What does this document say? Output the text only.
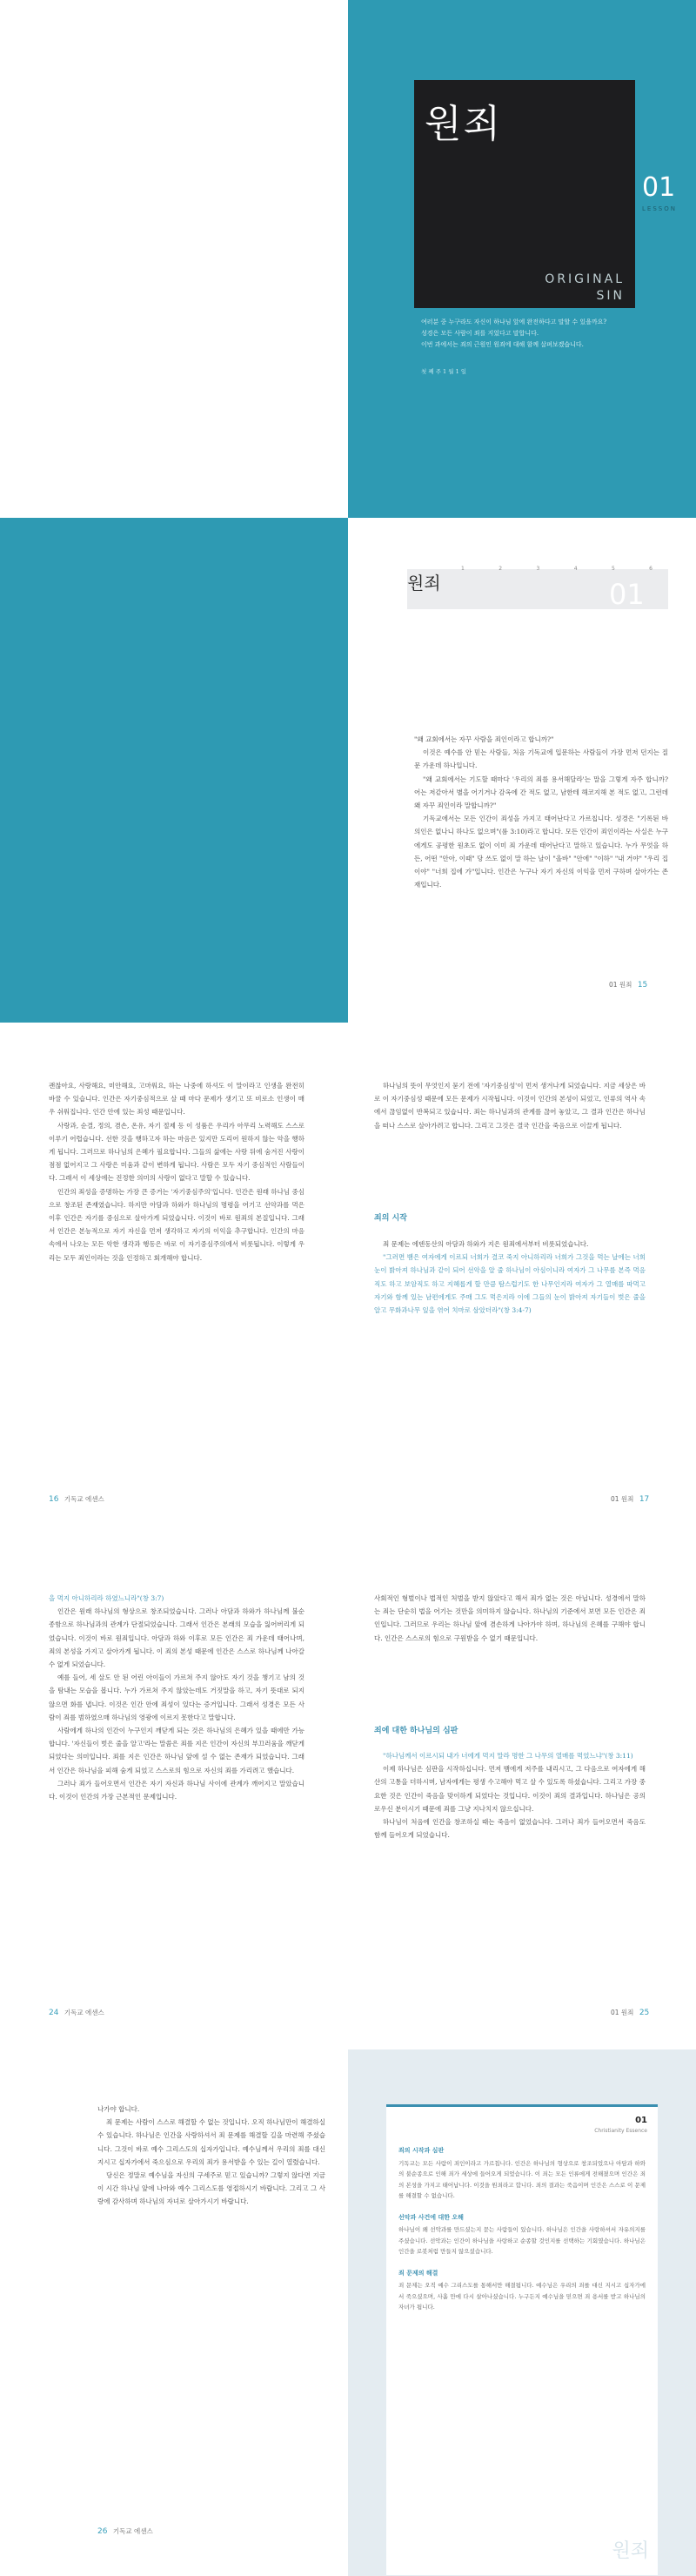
원죄
ORIGINAL
SIN
01
LESSON
여러분 중 누구라도 자신이 하나님 앞에 완전하다고 말할 수 있을까요?
성경은 모든 사람이 죄를 지었다고 말합니다.
이번 과에서는 죄의 근원인 원죄에 대해 함께 살펴보겠습니다.
첫 째 주 1 월 1 일
1	2	3	4	5	6
원죄	01

"왜 교회에서는 자꾸 사람을 죄인이라고 합니까?"

이것은 예수를 안 믿는 사람들, 처음 기독교에 입문하는 사람들이 가장 먼저 던지는 질문 가운데 하나입니다.

"왜 교회에서는 기도할 때마다 '우리의 죄를 용서해달라'는 말을 그렇게 자주 합니까? 어는 저같아서 별을 어기거나 감옥에 간 적도 없고, 남한테 해코지해 본 적도 없고, 그런데 왜 자꾸 죄인이라 말합니까?"

기독교에서는 모든 인간이 죄성을 가지고 태어난다고 가르칩니다. 성경은 "기록된 바 의인은 없나니 하나도 없으며"(롬 3:10)라고 합니다. 모든 인간이 죄인이라는 사실은 누구에게도 공평한 원초도 없이 이미 죄 가운데 태어난다고 말하고 있습니다. 누가 무엇을 하든, 어떤 "안아, 이때" 당 쓰도 없이 말 하는 날이 "올바" "안에" "이하" "내 거야" "우리 집이야" "너희 집에 가"입니다. 인간은 누구나 자기 자신의 이익을 먼저 구하며 살아가는 존재입니다.

01 원죄 15

괜찮아요, 사랑해요, 미안해요, 고마워요, 하는 나중에 하셔도 이 말이라고 인생을 완전히 바꿀 수 있습니다. 인간은 자기중심적으로 살 때 마다 문제가 생기고 또 비로소 인생이 매우 쉬워집니다. 인간 안에 있는 죄성 때문입니다.

사랑과, 순결, 정의, 겸손, 온유, 자기 절제 등 이 성품은 우리가 아무리 노력해도 스스로 이루기 어렵습니다. 선한 것을 행하고자 하는 마음은 있지만 도리어 원하지 않는 악을 행하게 됩니다. 그러므로 하나님의 은혜가 필요합니다. 그들의 삶에는 사랑 뒤에 숨겨진 사랑이 점점 없어지고 그 사랑은 미움과 같이 변하게 됩니다. 사람은 모두 자기 중심적인 사람들이다. 그래서 이 세상에는 진정한 의미의 사랑이 없다고 말할 수 있습니다.

인간의 죄성을 증명하는 가장 큰 증거는 '자기중심주의'입니다. 인간은 원래 하나님 중심으로 창조된 존재였습니다. 하지만 아담과 하와가 하나님의 명령을 어기고 선악과를 먹은 이후 인간은 자기를 중심으로 살아가게 되었습니다. 이것이 바로 원죄의 본질입니다. 그래서 인간은 본능적으로 자기 자신을 먼저 생각하고 자기의 이익을 추구합니다. 인간의 마음 속에서 나오는 모든 악한 생각과 행동은 바로 이 자기중심주의에서 비롯됩니다. 이렇게 우리는 모두 죄인이라는 것을 인정하고 회개해야 합니다.

16 기독교 에센스

하나님의 뜻이 무엇인지 묻기 전에 '자기중심성'이 먼저 생겨나게 되었습니다. 지금 세상은 바로 이 자기중심성 때문에 모든 문제가 시작됩니다. 이것이 인간의 본성이 되었고, 인류의 역사 속에서 끊임없이 반복되고 있습니다. 죄는 하나님과의 관계를 끊어 놓았고, 그 결과 인간은 하나님을 떠나 스스로 살아가려고 합니다. 그리고 그것은 결국 인간을 죽음으로 이끌게 됩니다.

죄의 시작

죄 문제는 에덴동산의 아담과 하와가 지은 원죄에서부터 비롯되었습니다.

"그러면 뱀은 여자에게 이르되 너희가 결코 죽지 아니하리라 너희가 그것을 먹는 날에는 너희 눈이 밝아져 하나님과 같이 되어 선악을 알 줄 하나님이 아심이니라 여자가 그 나무를 본즉 먹음직도 하고 보암직도 하고 지혜롭게 할 만큼 탐스럽기도 한 나무인지라 여자가 그 열매를 따먹고 자기와 함께 있는 남편에게도 주매 그도 먹은지라 이에 그들의 눈이 밝아져 자기들이 벗은 줄을 알고 무화과나무 잎을 엮어 치마로 삼았더라"(창 3:4-7)

01 원죄 17

을 먹지 아니하리라 하였느니라"(창 3:7)

인간은 원래 하나님의 형상으로 창조되었습니다. 그러나 아담과 하와가 하나님께 불순종함으로 하나님과의 관계가 단절되었습니다. 그래서 인간은 본래의 모습을 잃어버리게 되었습니다. 이것이 바로 원죄입니다. 아담과 하와 이후로 모든 인간은 죄 가운데 태어나며, 죄의 본성을 가지고 살아가게 됩니다. 이 죄의 본성 때문에 인간은 스스로 하나님께 나아갈 수 없게 되었습니다.

예를 들어, 세 살도 안 된 어린 아이들이 가르쳐 주지 않아도 자기 것을 챙기고 남의 것을 탐내는 모습을 봅니다. 누가 가르쳐 주지 않았는데도 거짓말을 하고, 자기 뜻대로 되지 않으면 화를 냅니다. 이것은 인간 안에 죄성이 있다는 증거입니다. 그래서 성경은 모든 사람이 죄를 범하였으매 하나님의 영광에 이르지 못한다고 말합니다.

사람에게 하나의 인간이 누구인지 깨닫게 되는 것은 하나님의 은혜가 있을 때에만 가능합니다. '자신들이 벗은 줄을 알고'라는 말씀은 죄를 지은 인간이 자신의 부끄러움을 깨닫게 되었다는 의미입니다. 죄를 지은 인간은 하나님 앞에 설 수 없는 존재가 되었습니다. 그래서 인간은 하나님을 피해 숨게 되었고 스스로의 힘으로 자신의 죄를 가리려고 했습니다.

그러나 죄가 들어오면서 인간은 자기 자신과 하나님 사이에 관계가 깨어지고 말았습니다. 이것이 인간의 가장 근본적인 문제입니다.

24 기독교 에센스

사회적인 형벌이나 법적인 처벌을 받지 않았다고 해서 죄가 없는 것은 아닙니다. 성경에서 말하는 죄는 단순히 법을 어기는 것만을 의미하지 않습니다. 하나님의 기준에서 보면 모든 인간은 죄인입니다. 그러므로 우리는 하나님 앞에 겸손하게 나아가야 하며, 하나님의 은혜를 구해야 합니다. 인간은 스스로의 힘으로 구원받을 수 없기 때문입니다.

죄에 대한 하나님의 심판

"하나님께서 이르시되 내가 너에게 먹지 말라 명한 그 나무의 열매를 먹었느냐"(창 3:11)

이제 하나님은 심판을 시작하십니다. 먼저 뱀에게 저주를 내리시고, 그 다음으로 여자에게 해산의 고통을 더하시며, 남자에게는 평생 수고해야 먹고 살 수 있도록 하셨습니다. 그리고 가장 중요한 것은 인간이 죽음을 맞이하게 되었다는 것입니다. 이것이 죄의 결과입니다. 하나님은 공의로우신 분이시기 때문에 죄를 그냥 지나치지 않으십니다.

하나님이 처음에 인간을 창조하실 때는 죽음이 없었습니다. 그러나 죄가 들어오면서 죽음도 함께 들어오게 되었습니다.

01 원죄 25

나가야 합니다.

죄 문제는 사람이 스스로 해결할 수 없는 것입니다. 오직 하나님만이 해결하실 수 있습니다. 하나님은 인간을 사랑하셔서 죄 문제를 해결할 길을 마련해 주셨습니다. 그것이 바로 예수 그리스도의 십자가입니다. 예수님께서 우리의 죄를 대신 지시고 십자가에서 죽으심으로 우리의 죄가 용서받을 수 있는 길이 열렸습니다.

당신은 정말로 예수님을 자신의 구세주로 믿고 있습니까? 그렇지 않다면 지금 이 시간 하나님 앞에 나아와 예수 그리스도를 영접하시기 바랍니다. 그리고 그 사랑에 감사하며 하나님의 자녀로 살아가시기 바랍니다.

26 기독교 에센스
01
Christianity Essence
죄의 시작과 심판
기독교는 모든 사람이 죄인이라고 가르칩니다. 인간은 하나님의 형상으로 창조되었으나 아담과 하와의 불순종으로 인해 죄가 세상에 들어오게 되었습니다. 이 죄는 모든 인류에게 전해졌으며 인간은 죄의 본성을 가지고 태어납니다. 이것을 원죄라고 합니다. 죄의 결과는 죽음이며 인간은 스스로 이 문제를 해결할 수 없습니다.
선악과 사건에 대한 오해
하나님이 왜 선악과를 만드셨는지 묻는 사람들이 있습니다. 하나님은 인간을 사랑하셔서 자유의지를 주셨습니다. 선악과는 인간이 하나님을 사랑하고 순종할 것인지를 선택하는 기회였습니다. 하나님은 인간을 로봇처럼 만들지 않으셨습니다.
죄 문제의 해결
죄 문제는 오직 예수 그리스도를 통해서만 해결됩니다. 예수님은 우리의 죄를 대신 지시고 십자가에서 죽으셨으며, 사흘 만에 다시 살아나셨습니다. 누구든지 예수님을 믿으면 죄 용서를 받고 하나님의 자녀가 됩니다.
원죄
